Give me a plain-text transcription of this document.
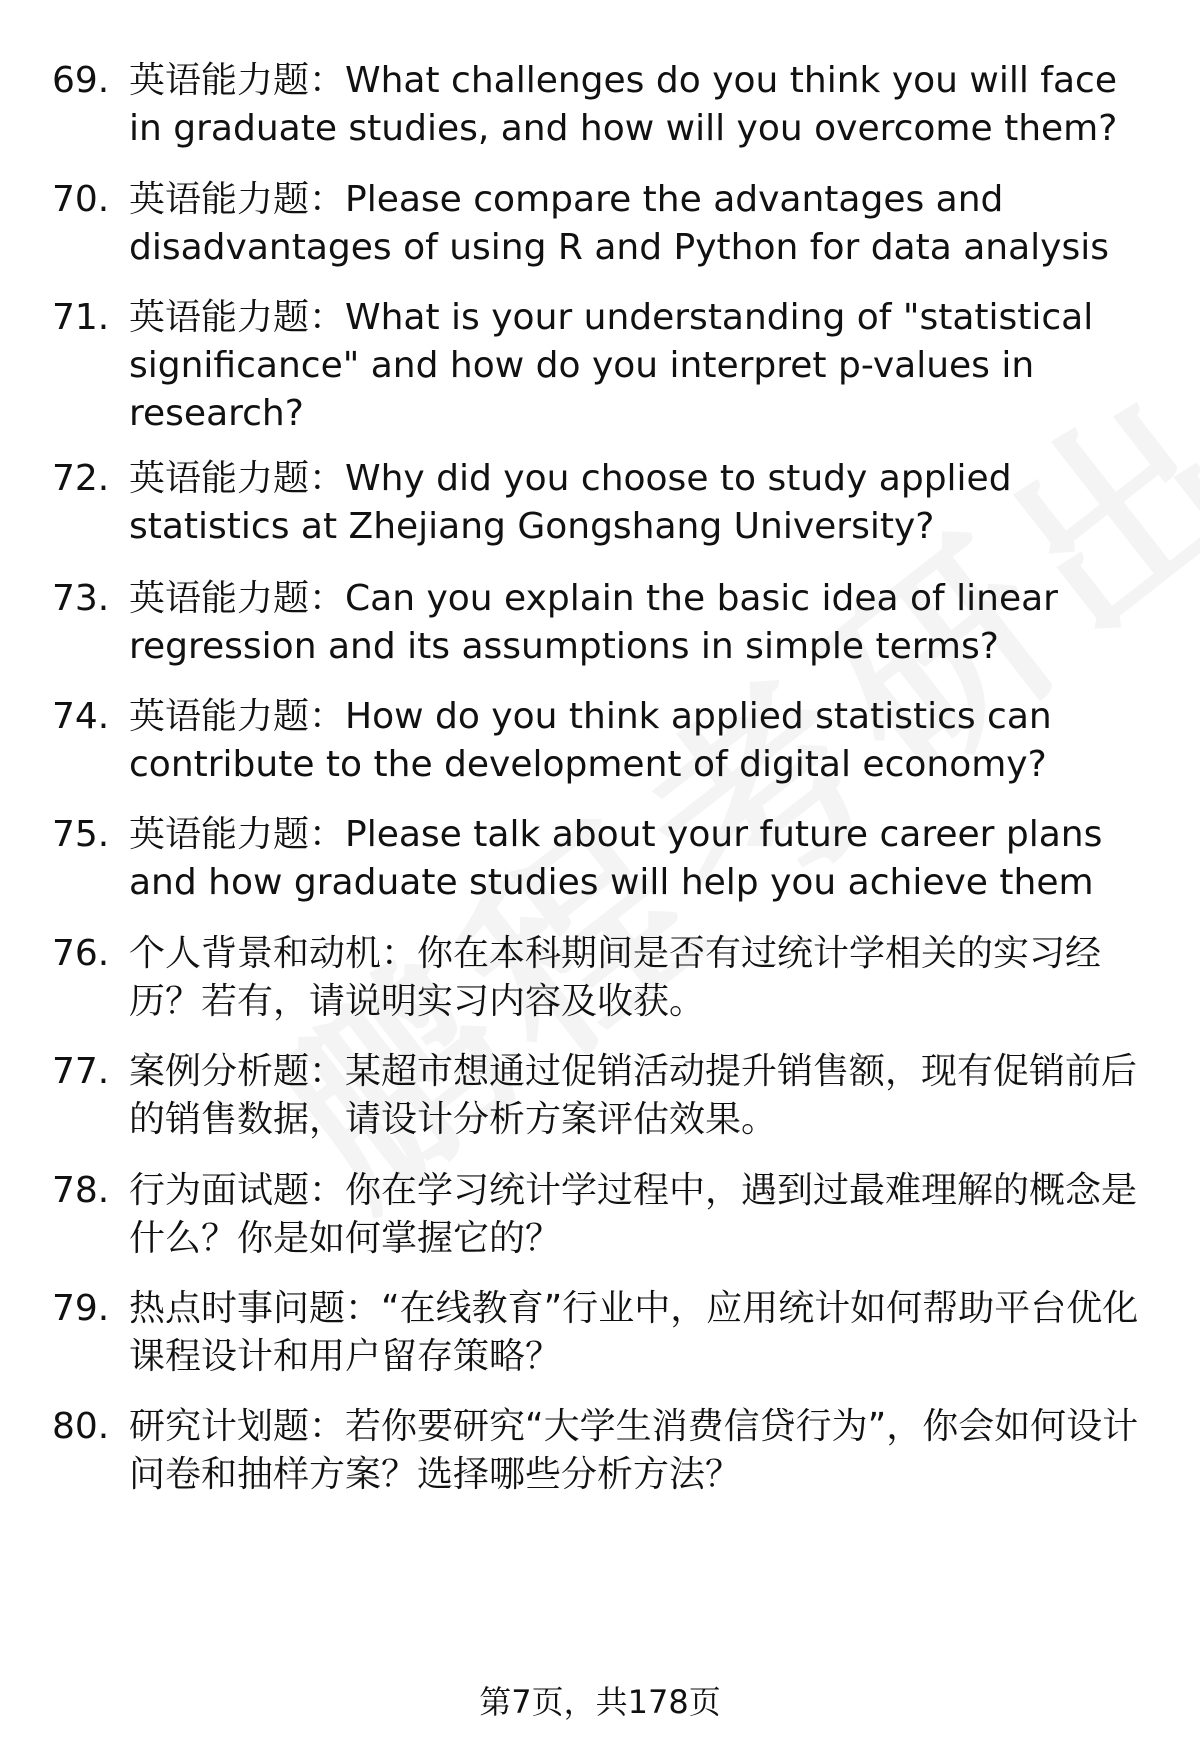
69. 英语能力题：What challenges do you think you will face in graduate studies, and how will you overcome them?
70. 英语能力题：Please compare the advantages and disadvantages of using R and Python for data analysis
71. 英语能力题：What is your understanding of "statistical significance" and how do you interpret p-values in research?
72. 英语能力题：Why did you choose to study applied statistics at Zhejiang Gongshang University?
73. 英语能力题：Can you explain the basic idea of linear regression and its assumptions in simple terms?
74. 英语能力题：How do you think applied statistics can contribute to the development of digital economy?
75. 英语能力题：Please talk about your future career plans and how graduate studies will help you achieve them
76. 个人背景和动机：你在本科期间是否有过统计学相关的实习经历？若有，请说明实习内容及收获。
77. 案例分析题：某超市想通过促销活动提升销售额，现有促销前后的销售数据，请设计分析方案评估效果。
78. 行为面试题：你在学习统计学过程中，遇到过最难理解的概念是什么？你是如何掌握它的？
79. 热点时事问题：“在线教育”行业中，应用统计如何帮助平台优化课程设计和用户留存策略？
80. 研究计划题：若你要研究“大学生消费信贷行为”，你会如何设计问卷和抽样方案？选择哪些分析方法？
第7页，共178页
